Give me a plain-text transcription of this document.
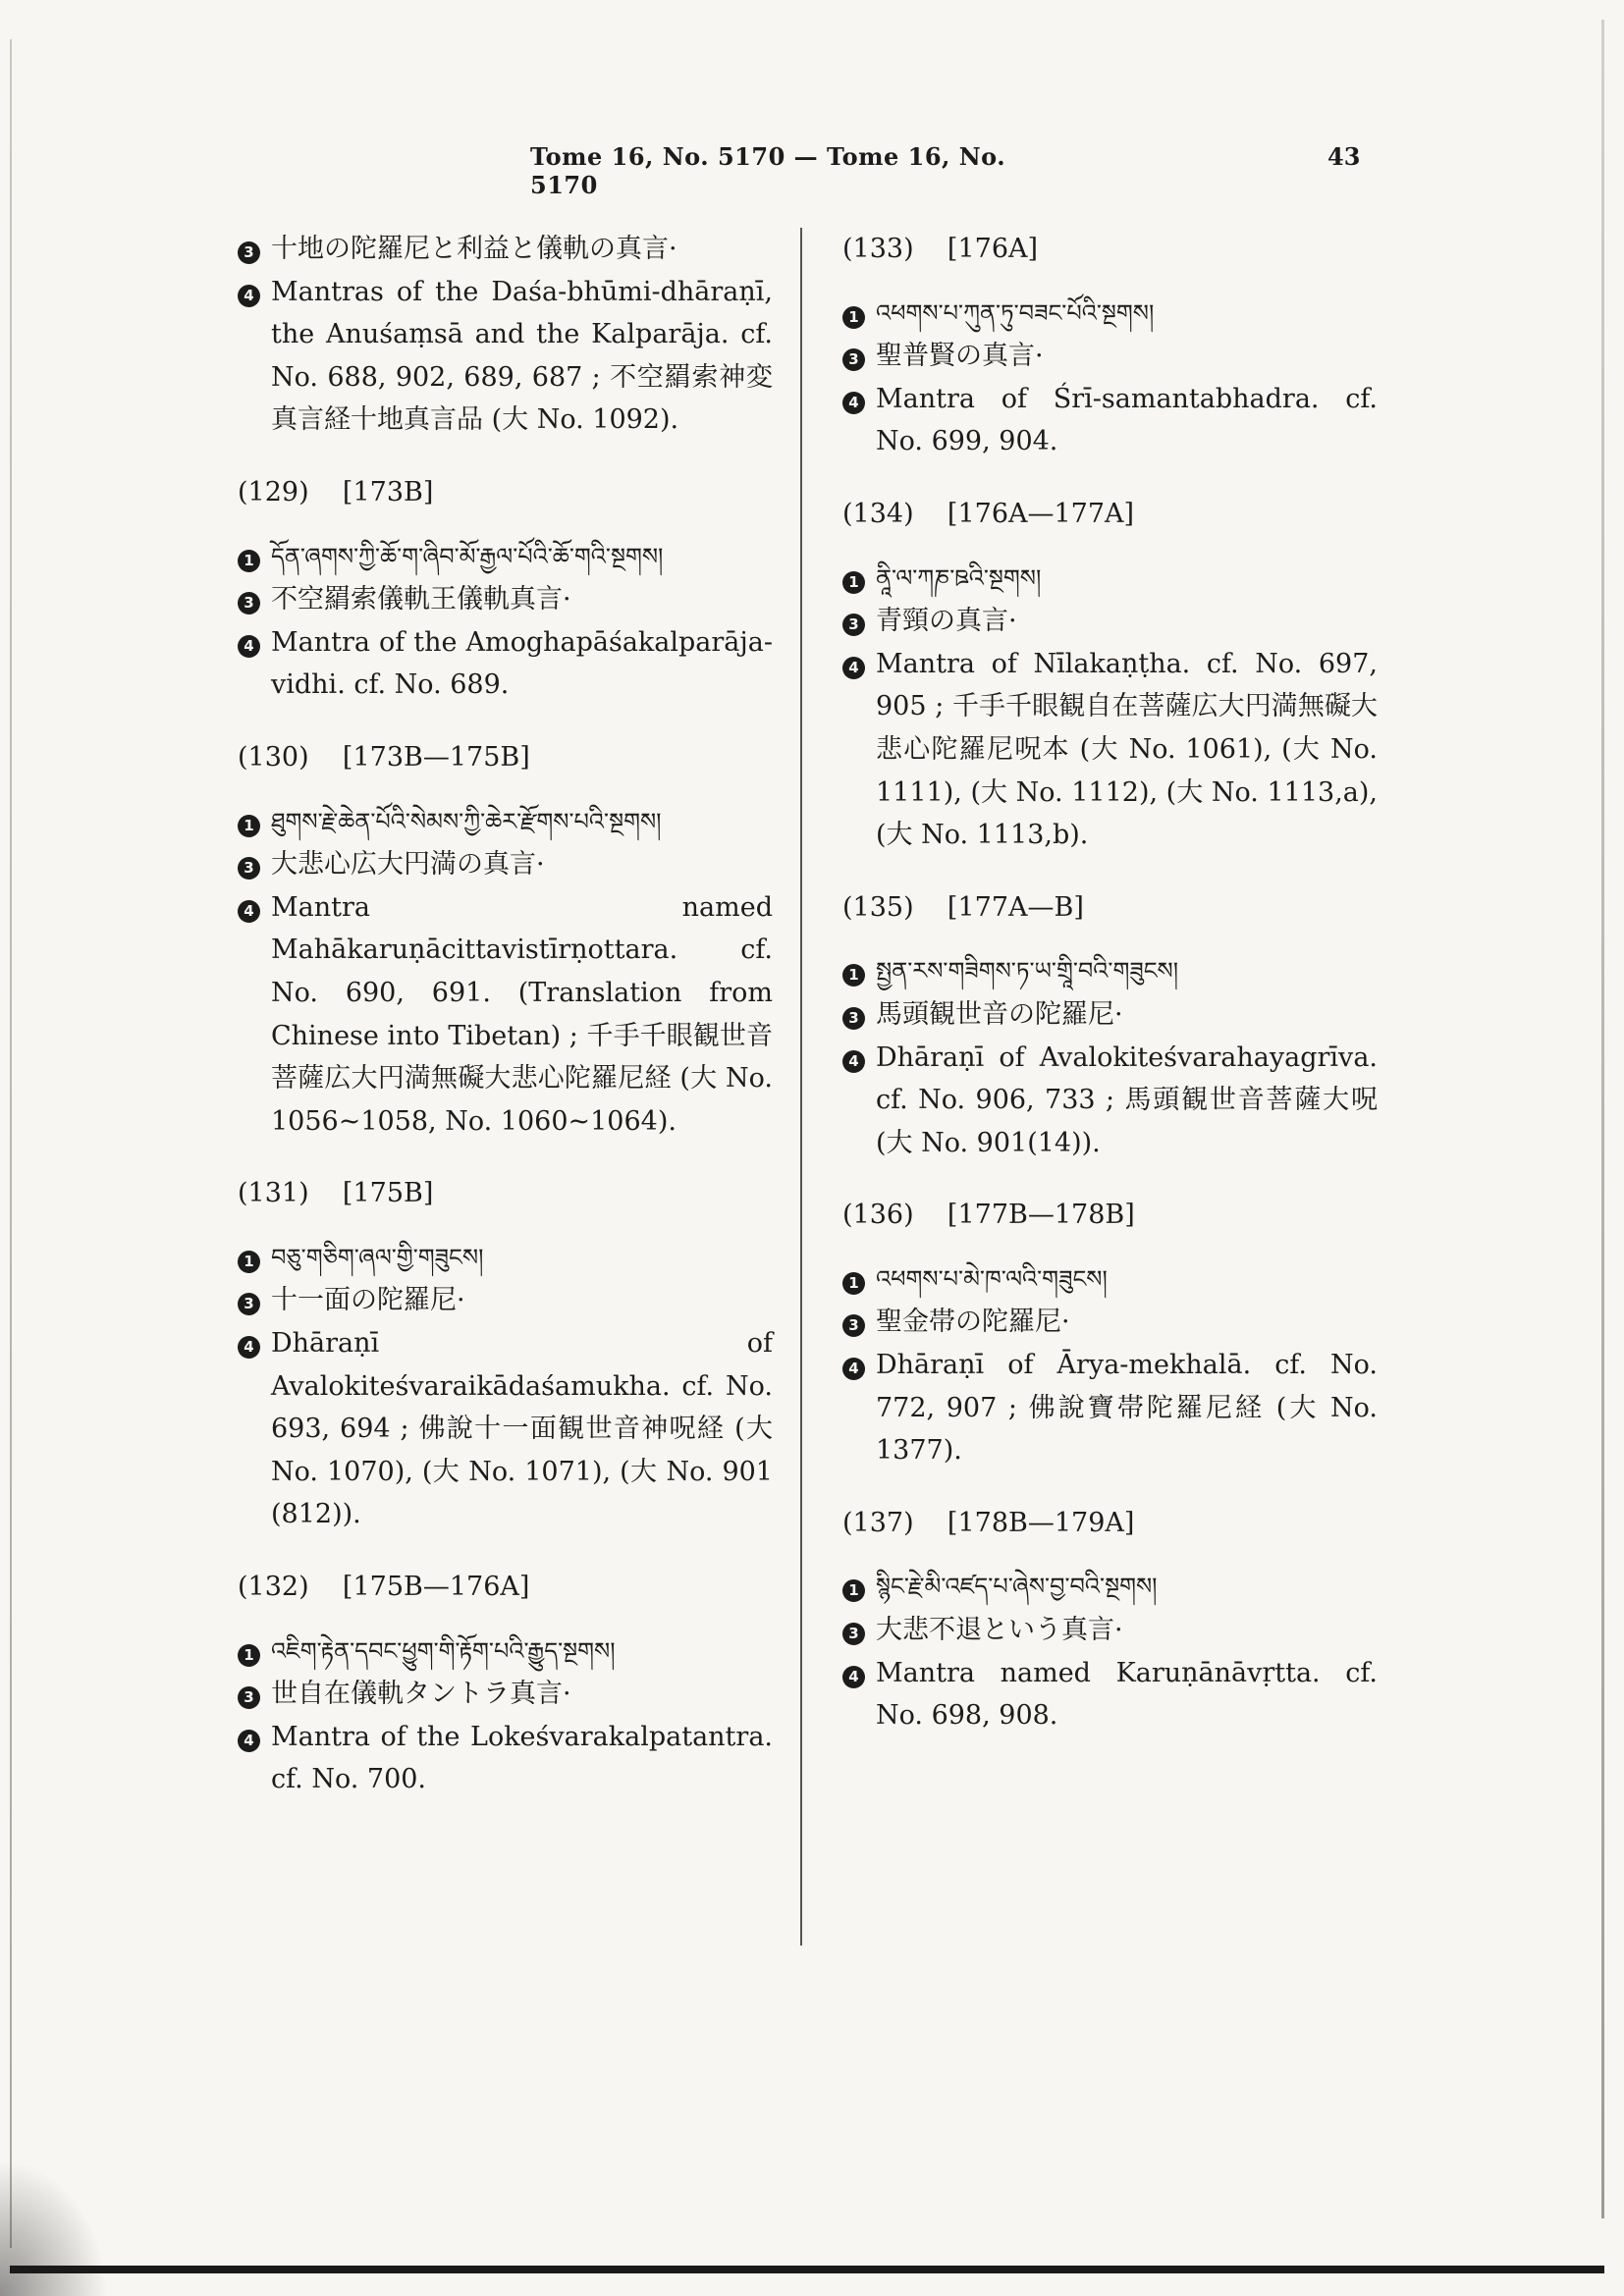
Tome 16, No. 5170 — Tome 16, No. 5170
43
3 十地の陀羅尼と利益と儀軌の真言·
4 Mantras of the Daśa-bhūmi-dhāraṇī, the Anuśaṃsā and the Kalparāja. cf. No. 688, 902, 689, 687 ; 不空羂索神変真言経十地真言品 (大 No. 1092).
(129)    [173B]
1 དོན་ཞགས་ཀྱི་ཆོ་ག་ཞིབ་མོ་རྒྱལ་པོའི་ཆོ་གའི་སྔགས།
3 不空羂索儀軌王儀軌真言·
4 Mantra of the Amoghapāśakalparāja-vidhi. cf. No. 689.
(130)    [173B—175B]
1 ཐུགས་རྗེ་ཆེན་པོའི་སེམས་ཀྱི་ཆེར་རྫོགས་པའི་སྔགས།
3 大悲心広大円満の真言·
4 Mantra named Mahākaruṇācittavistīrṇottara. cf. No. 690, 691. (Translation from Chinese into Tibetan) ; 千手千眼観世音菩薩広大円満無礙大悲心陀羅尼経 (大 No. 1056~1058, No. 1060~1064).
(131)    [175B]
1 བཅུ་གཅིག་ཞལ་གྱི་གཟུངས།
3 十一面の陀羅尼·
4 Dhāraṇī of Avalokiteśvaraikādaśamukha. cf. No. 693, 694 ; 佛說十一面観世音神呪経 (大 No. 1070), (大 No. 1071), (大 No. 901 (812)).
(132)    [175B—176A]
1 འཇིག་རྟེན་དབང་ཕྱུག་གི་རྟོག་པའི་རྒྱུད་སྔགས།
3 世自在儀軌タントラ真言·
4 Mantra of the Lokeśvarakalpatantra. cf. No. 700.
(133)    [176A]
1 འཕགས་པ་ཀུན་ཏུ་བཟང་པོའི་སྔགས།
3 聖普賢の真言·
4 Mantra of Śrī-samantabhadra. cf. No. 699, 904.
(134)    [176A—177A]
1 ནཱི་ལ་ཀཎ་ཋའི་སྔགས།
3 青頸の真言·
4 Mantra of Nīlakaṇṭha. cf. No. 697, 905 ; 千手千眼観自在菩薩広大円満無礙大悲心陀羅尼呪本 (大 No. 1061), (大 No. 1111), (大 No. 1112), (大 No. 1113,a), (大 No. 1113,b).
(135)    [177A—B]
1 སྤྱན་རས་གཟིགས་ཏ་ཡ་གྲཱི་བའི་གཟུངས།
3 馬頭観世音の陀羅尼·
4 Dhāraṇī of Avalokiteśvarahayagrīva. cf. No. 906, 733 ; 馬頭観世音菩薩大呪 (大 No. 901(14)).
(136)    [177B—178B]
1 འཕགས་པ་མེ་ཁ་ལའི་གཟུངས།
3 聖金帯の陀羅尼·
4 Dhāraṇī of Ārya-mekhalā. cf. No. 772, 907 ; 佛說寶帯陀羅尼経 (大 No. 1377).
(137)    [178B—179A]
1 སྙིང་རྗེ་མི་འཛད་པ་ཞེས་བྱ་བའི་སྔགས།
3 大悲不退という真言·
4 Mantra named Karuṇānāvṛtta. cf. No. 698, 908.
